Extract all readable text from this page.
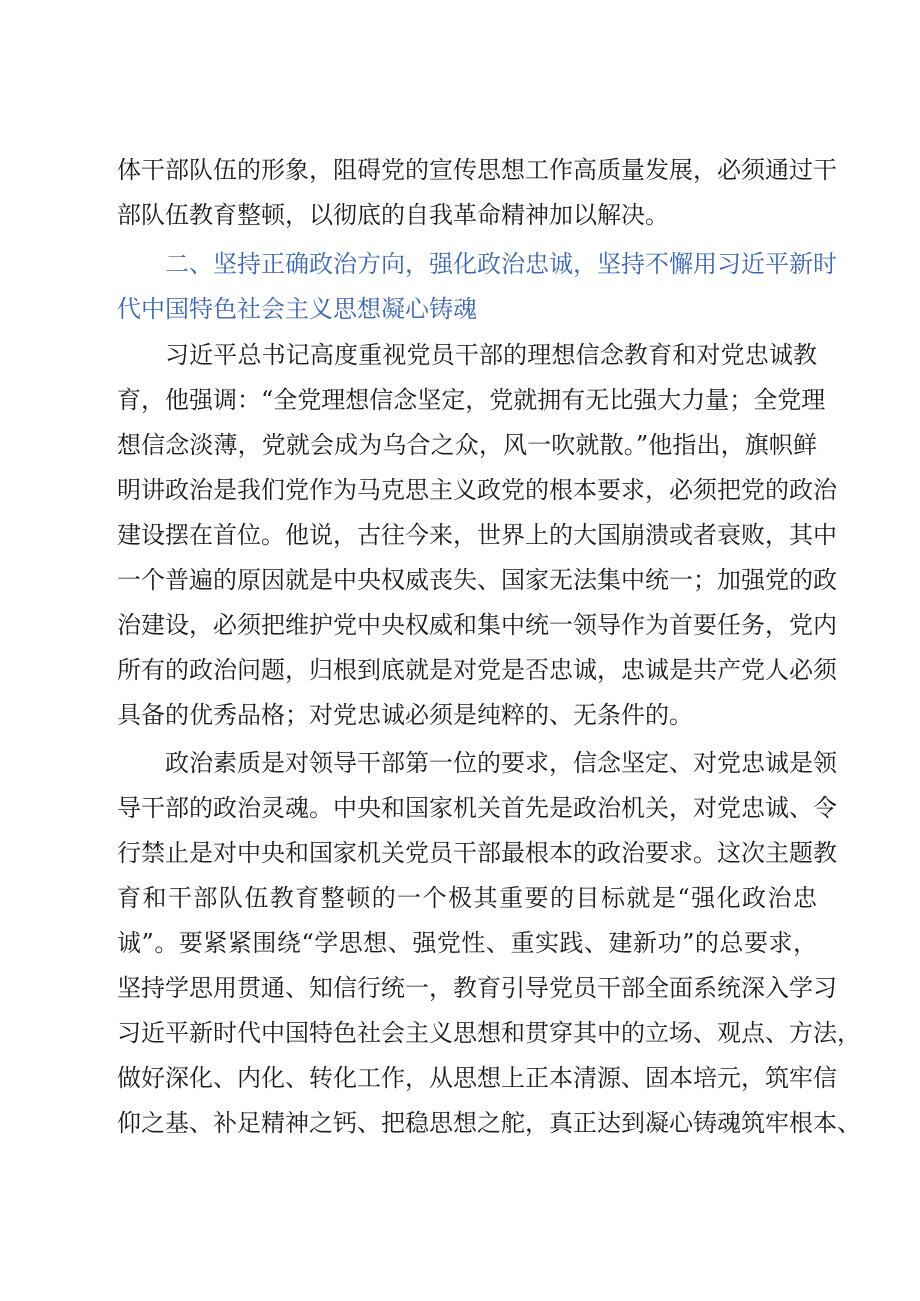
体干部队伍的形象，阻碍党的宣传思想工作高质量发展，必须通过干
部队伍教育整顿，以彻底的自我革命精神加以解决。
二、坚持正确政治方向，强化政治忠诚，坚持不懈用习近平新时
代中国特色社会主义思想凝心铸魂
习近平总书记高度重视党员干部的理想信念教育和对党忠诚教
育，他强调：“全党理想信念坚定，党就拥有无比强大力量；全党理
想信念淡薄，党就会成为乌合之众，风一吹就散。”他指出，旗帜鲜
明讲政治是我们党作为马克思主义政党的根本要求，必须把党的政治
建设摆在首位。他说，古往今来，世界上的大国崩溃或者衰败，其中
一个普遍的原因就是中央权威丧失、国家无法集中统一；加强党的政
治建设，必须把维护党中央权威和集中统一领导作为首要任务，党内
所有的政治问题，归根到底就是对党是否忠诚，忠诚是共产党人必须
具备的优秀品格；对党忠诚必须是纯粹的、无条件的。
政治素质是对领导干部第一位的要求，信念坚定、对党忠诚是领
导干部的政治灵魂。中央和国家机关首先是政治机关，对党忠诚、令
行禁止是对中央和国家机关党员干部最根本的政治要求。这次主题教
育和干部队伍教育整顿的一个极其重要的目标就是“强化政治忠
诚”。要紧紧围绕“学思想、强党性、重实践、建新功”的总要求，
坚持学思用贯通、知信行统一，教育引导党员干部全面系统深入学习
习近平新时代中国特色社会主义思想和贯穿其中的立场、观点、方法，
做好深化、内化、转化工作，从思想上正本清源、固本培元，筑牢信
仰之基、补足精神之钙、把稳思想之舵，真正达到凝心铸魂筑牢根本、
